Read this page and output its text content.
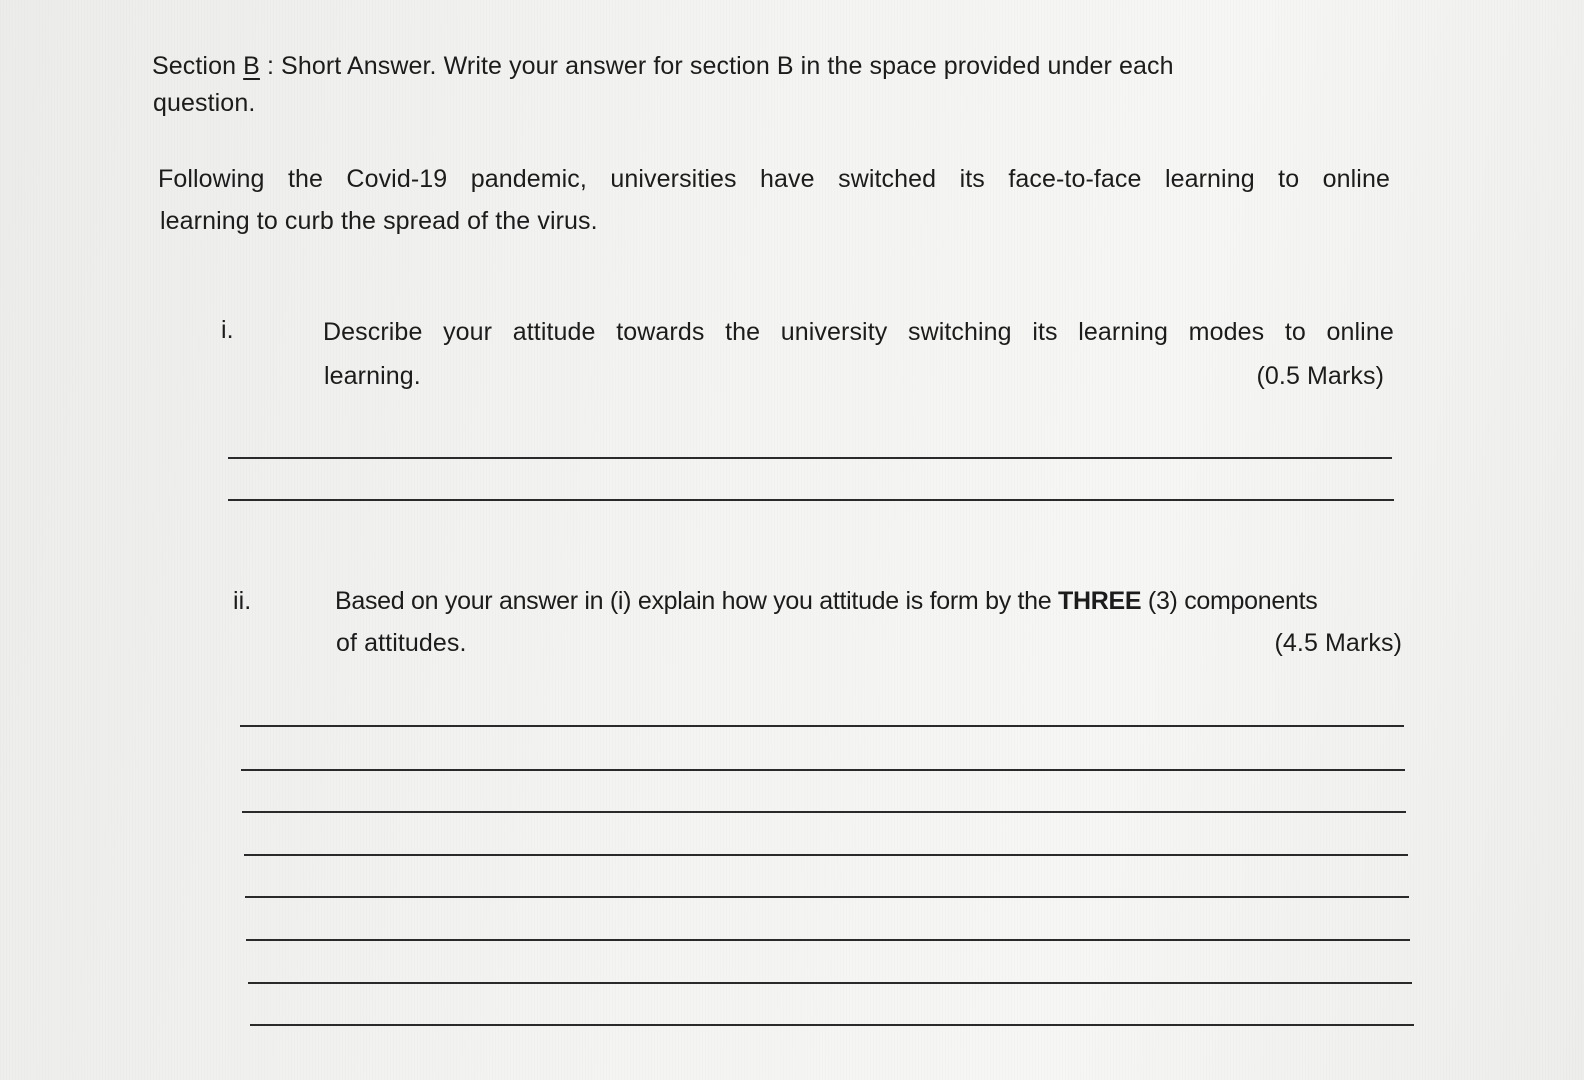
Section B : Short Answer. Write your answer for section B in the space provided under each
question.
Following the Covid-19 pandemic, universities have switched its face-to-face learning to online
learning to curb the spread of the virus.
i.	Describe your attitude towards the university switching its learning modes to online
learning.	(0.5 Marks)
ii.	Based on your answer in (i) explain how you attitude is form by the THREE (3) components
of attitudes.	(4.5 Marks)
